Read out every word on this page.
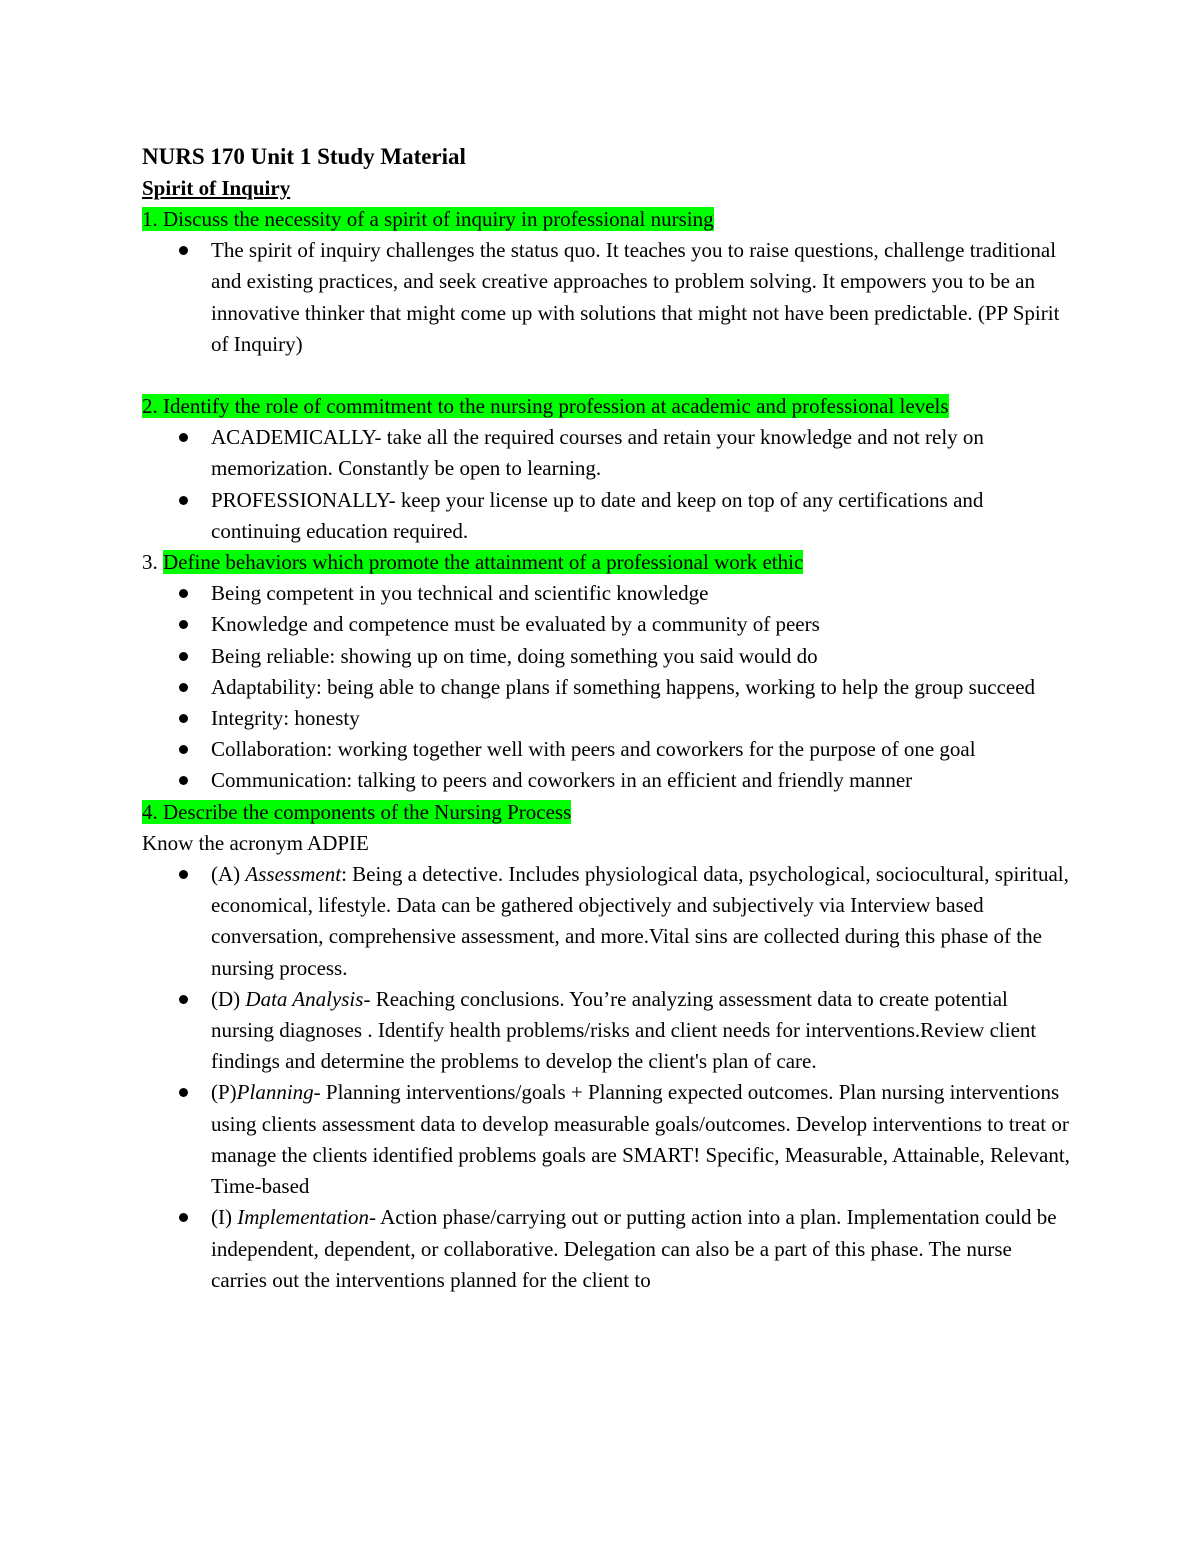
NURS 170 Unit 1 Study Material

Spirit of Inquiry

1. Discuss the necessity of a spirit of inquiry in professional nursing

The spirit of inquiry challenges the status quo. It teaches you to raise questions, challenge traditional and existing practices, and seek creative approaches to problem solving. It empowers you to be an innovative thinker that might come up with solutions that might not have been predictable. (PP Spirit of Inquiry)

2. Identify the role of commitment to the nursing profession at academic and professional levels

ACADEMICALLY- take all the required courses and retain your knowledge and not rely on memorization. Constantly be open to learning.
PROFESSIONALLY- keep your license up to date and keep on top of any certifications and continuing education required.

3. Define behaviors which promote the attainment of a professional work ethic

Being competent in you technical and scientific knowledge
Knowledge and competence must be evaluated by a community of peers
Being reliable: showing up on time, doing something you said would do
Adaptability: being able to change plans if something happens, working to help the group succeed
Integrity: honesty
Collaboration: working together well with peers and coworkers for the purpose of one goal
Communication: talking to peers and coworkers in an efficient and friendly manner

4. Describe the components of the Nursing Process

Know the acronym ADPIE

(A) Assessment: Being a detective. Includes physiological data, psychological, sociocultural, spiritual, economical, lifestyle. Data can be gathered objectively and subjectively via Interview based conversation, comprehensive assessment, and more.Vital sins are collected during this phase of the nursing process.
(D) Data Analysis- Reaching conclusions. You’re analyzing assessment data to create potential nursing diagnoses . Identify health problems/risks and client needs for interventions.Review client findings and determine the problems to develop the client's plan of care.
(P)Planning- Planning interventions/goals + Planning expected outcomes. Plan nursing interventions using clients assessment data to develop measurable goals/outcomes. Develop interventions to treat or manage the clients identified problems goals are SMART! Specific, Measurable, Attainable, Relevant, Time-based
(I) Implementation- Action phase/carrying out or putting action into a plan. Implementation could be independent, dependent, or collaborative. Delegation can also be a part of this phase. The nurse carries out the interventions planned for the client to
